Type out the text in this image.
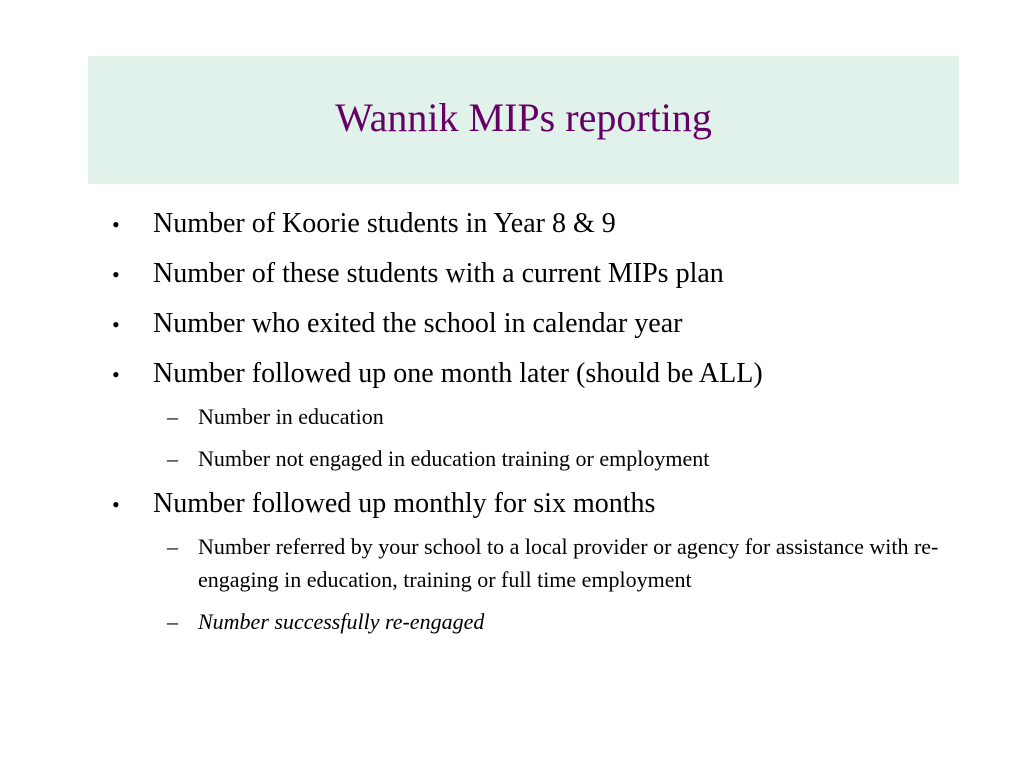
Wannik MIPs reporting
•	Number of Koorie students in Year 8 & 9
•	Number of these students with a current MIPs plan
•	Number who exited the school in calendar year
•	Number followed up one month later (should be ALL)
– Number in education
– Number not engaged in education training or employment
•	Number followed up monthly for six months
– Number referred by your school to a local provider or agency for assistance with re-engaging in education, training or full time employment
– Number successfully re-engaged
